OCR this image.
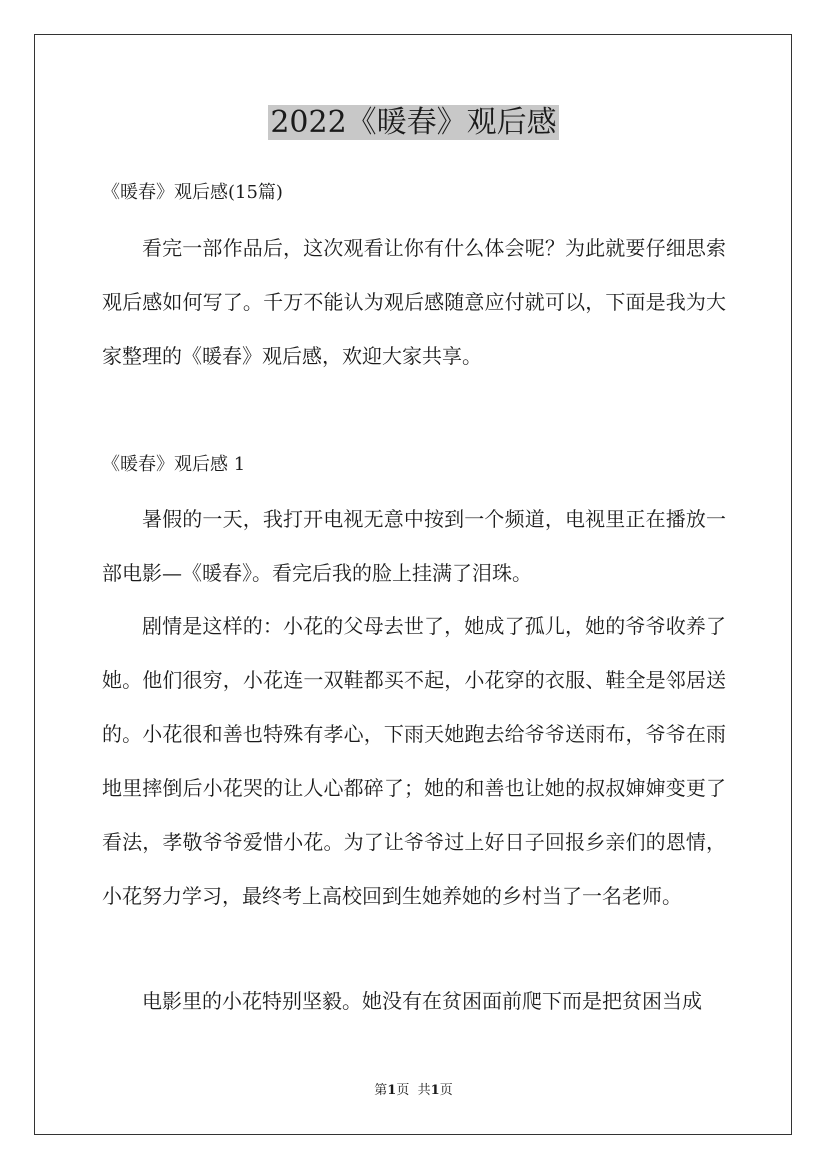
2022《暖春》观后感

《暖春》观后感(15篇)

看完一部作品后，这次观看让你有什么体会呢？为此就要仔细思索观后感如何写了。千万不能认为观后感随意应付就可以，下面是我为大家整理的《暖春》观后感，欢迎大家共享。

《暖春》观后感 1

暑假的一天，我打开电视无意中按到一个频道，电视里正在播放一部电影—《暖春》。看完后我的脸上挂满了泪珠。

剧情是这样的：小花的父母去世了，她成了孤儿，她的爷爷收养了她。他们很穷，小花连一双鞋都买不起，小花穿的衣服、鞋全是邻居送的。小花很和善也特殊有孝心，下雨天她跑去给爷爷送雨布，爷爷在雨地里摔倒后小花哭的让人心都碎了；她的和善也让她的叔叔婶婶变更了看法，孝敬爷爷爱惜小花。为了让爷爷过上好日子回报乡亲们的恩情，小花努力学习，最终考上高校回到生她养她的乡村当了一名老师。

电影里的小花特别坚毅。她没有在贫困面前爬下而是把贫困当成

第1页 共1页
